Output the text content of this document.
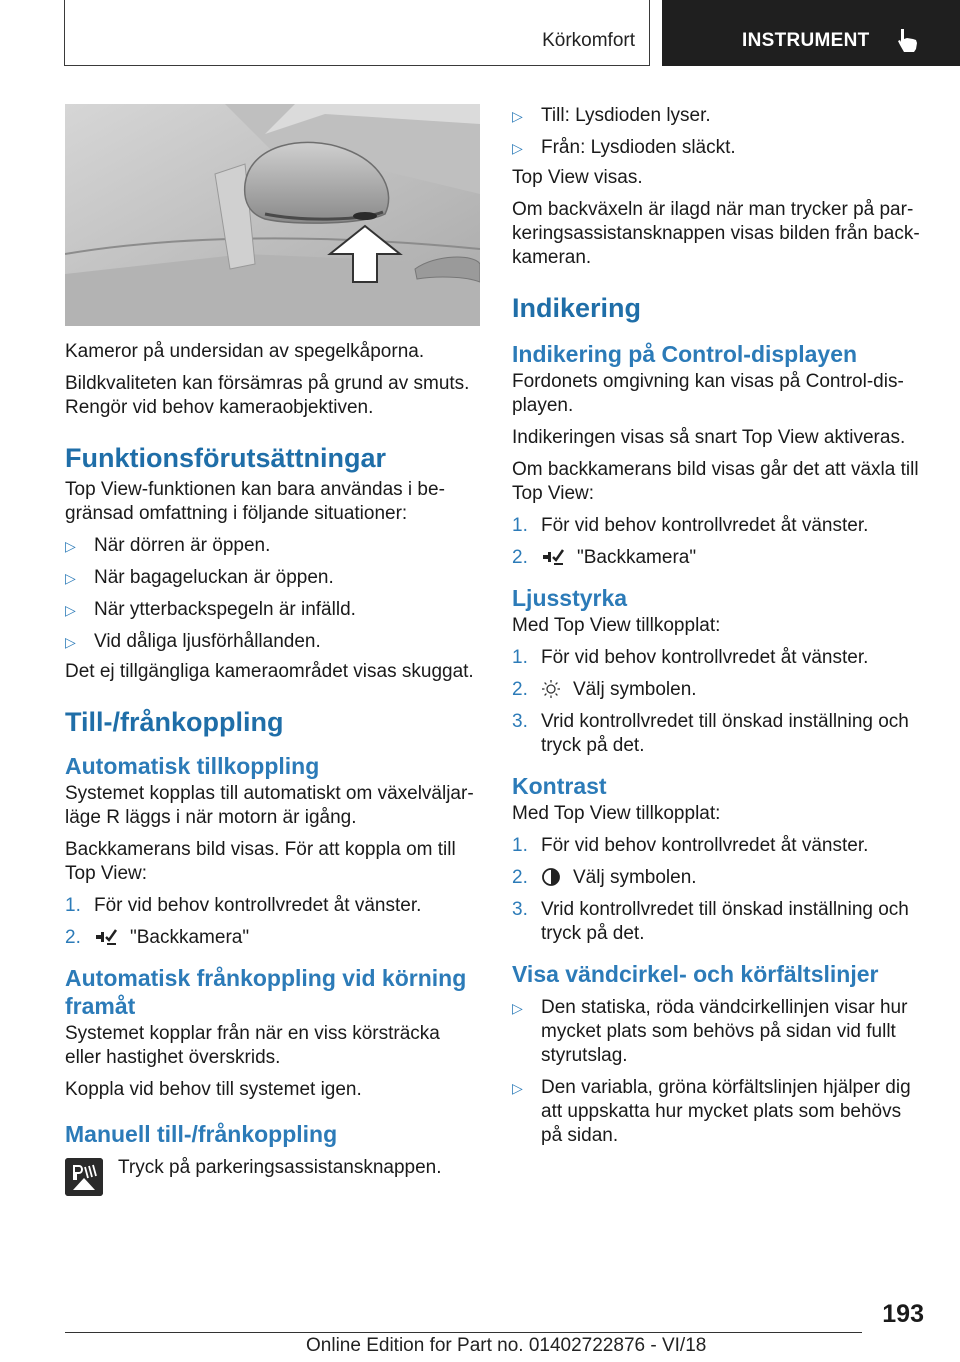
Körkomfort	INSTRUMENT
Kameror på undersidan av spegelkåporna.

Bildkvaliteten kan försämras på grund av smuts. Rengör vid behov kameraobjektiven.

Funktionsförutsättningar

Top View-funktionen kan bara användas i begränsad omfattning i följande situationer:

▷ När dörren är öppen.
▷ När bagageluckan är öppen.
▷ När ytterbackspegeln är infälld.
▷ Vid dåliga ljusförhållanden.

Det ej tillgängliga kameraområdet visas skuggat.

Till-/frånkoppling
Automatisk tillkoppling

Systemet kopplas till automatiskt om växelväljarläge R läggs i när motorn är igång.

Backkamerans bild visas. För att koppla om till Top View:

1. För vid behov kontrollvredet åt vänster.
2.	"Backkamera"
Automatisk frånkoppling vid körning framåt

Systemet kopplar från när en viss körsträcka eller hastighet överskrids.

Koppla vid behov till systemet igen.

Manuell till-/frånkoppling
Tryck på parkeringsassistansknappen.
▷ Till: Lysdioden lyser.
▷ Från: Lysdioden släckt.

Top View visas.

Om backväxeln är ilagd när man trycker på parkeringsassistansknappen visas bilden från backkameran.

Indikering
Indikering på Control-displayen

Fordonets omgivning kan visas på Control-displayen.

Indikeringen visas så snart Top View aktiveras.

Om backkamerans bild visas går det att växla till Top View:

1. För vid behov kontrollvredet åt vänster.
2.	"Backkamera"
Ljusstyrka

Med Top View tillkopplat:

1. För vid behov kontrollvredet åt vänster.
2. Välj symbolen.
3. Vrid kontrollvredet till önskad inställning och tryck på det.
Kontrast

Med Top View tillkopplat:

1. För vid behov kontrollvredet åt vänster.
2. Välj symbolen.
3. Vrid kontrollvredet till önskad inställning och tryck på det.
Visa vändcirkel- och körfältslinjer
▷ Den statiska, röda vändcirkellinjen visar hur mycket plats som behövs på sidan vid fullt styrutslag.
▷ Den variabla, gröna körfältslinjen hjälper dig att uppskatta hur mycket plats som behövs på sidan.
193
Online Edition for Part no. 01402722876 - VI/18
